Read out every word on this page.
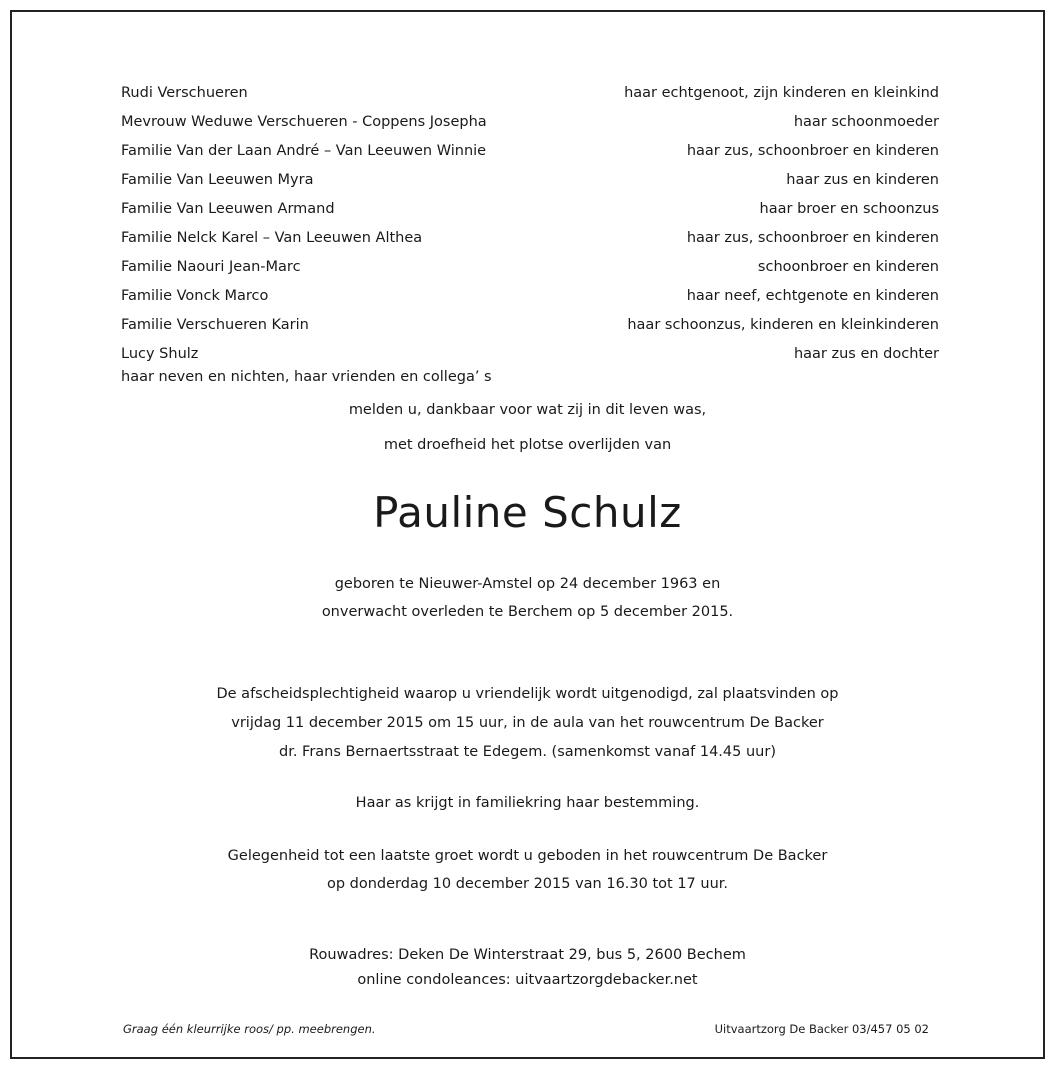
Rudi Verschueren	haar echtgenoot, zijn kinderen en kleinkind
Mevrouw Weduwe Verschueren - Coppens Josepha	haar schoonmoeder
Familie Van der Laan André – Van Leeuwen Winnie	haar zus, schoonbroer en kinderen
Familie Van Leeuwen Myra	haar zus en kinderen
Familie Van Leeuwen Armand	haar broer en schoonzus
Familie Nelck Karel – Van Leeuwen Althea	haar zus, schoonbroer en kinderen
Familie Naouri Jean-Marc	schoonbroer en kinderen
Familie Vonck Marco	haar neef, echtgenote en kinderen
Familie Verschueren Karin	haar schoonzus, kinderen en kleinkinderen
Lucy Shulz	haar zus en dochter
haar neven en nichten, haar vrienden en collega’ s
melden u, dankbaar voor wat zij in dit leven was,
met droefheid het plotse overlijden van
Pauline Schulz
geboren te Nieuwer-Amstel op 24 december 1963 en
onverwacht overleden te Berchem op 5 december 2015.
De afscheidsplechtigheid waarop u vriendelijk wordt uitgenodigd, zal plaatsvinden op
vrijdag 11 december 2015 om 15 uur, in de aula van het rouwcentrum De Backer
dr. Frans Bernaertsstraat te Edegem. (samenkomst vanaf 14.45 uur)
Haar as krijgt in familiekring haar bestemming.
Gelegenheid tot een laatste groet wordt u geboden in het rouwcentrum De Backer
op donderdag 10 december 2015 van 16.30 tot 17 uur.
Rouwadres: Deken De Winterstraat 29, bus 5, 2600 Bechem
online condoleances: uitvaartzorgdebacker.net
Graag één kleurrijke roos/ pp. meebrengen.	Uitvaartzorg De Backer 03/457 05 02
